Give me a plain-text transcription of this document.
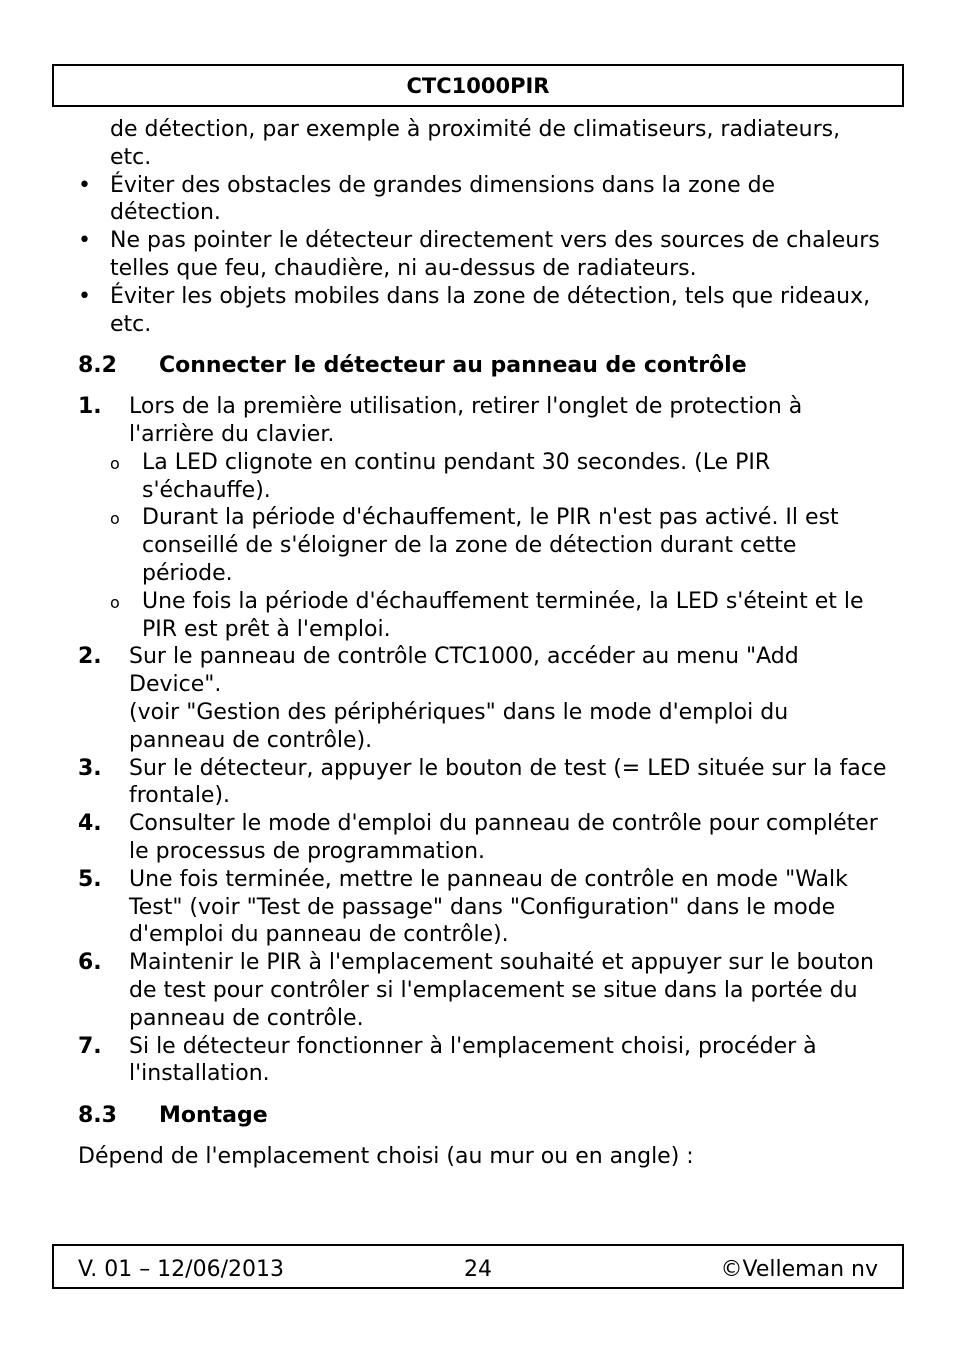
CTC1000PIR
de détection, par exemple à proximité de climatiseurs, radiateurs, etc.
• Éviter des obstacles de grandes dimensions dans la zone de détection.
• Ne pas pointer le détecteur directement vers des sources de chaleurs telles que feu, chaudière, ni au-dessus de radiateurs.
• Éviter les objets mobiles dans la zone de détection, tels que rideaux, etc.
8.2 Connecter le détecteur au panneau de contrôle
1. Lors de la première utilisation, retirer l'onglet de protection à l'arrière du clavier.
o La LED clignote en continu pendant 30 secondes. (Le PIR s'échauffe).
o Durant la période d'échauffement, le PIR n'est pas activé. Il est conseillé de s'éloigner de la zone de détection durant cette période.
o Une fois la période d'échauffement terminée, la LED s'éteint et le PIR est prêt à l'emploi.
2. Sur le panneau de contrôle CTC1000, accéder au menu "Add Device".
(voir "Gestion des périphériques" dans le mode d'emploi du panneau de contrôle).
3. Sur le détecteur, appuyer le bouton de test (= LED située sur la face frontale).
4. Consulter le mode d'emploi du panneau de contrôle pour compléter le processus de programmation.
5. Une fois terminée, mettre le panneau de contrôle en mode "Walk Test" (voir "Test de passage" dans "Configuration" dans le mode d'emploi du panneau de contrôle).
6. Maintenir le PIR à l'emplacement souhaité et appuyer sur le bouton de test pour contrôler si l'emplacement se situe dans la portée du panneau de contrôle.
7. Si le détecteur fonctionner à l'emplacement choisi, procéder à l'installation.
8.3 Montage

Dépend de l'emplacement choisi (au mur ou en angle) :

V. 01 – 12/06/2013	24	©Velleman nv
